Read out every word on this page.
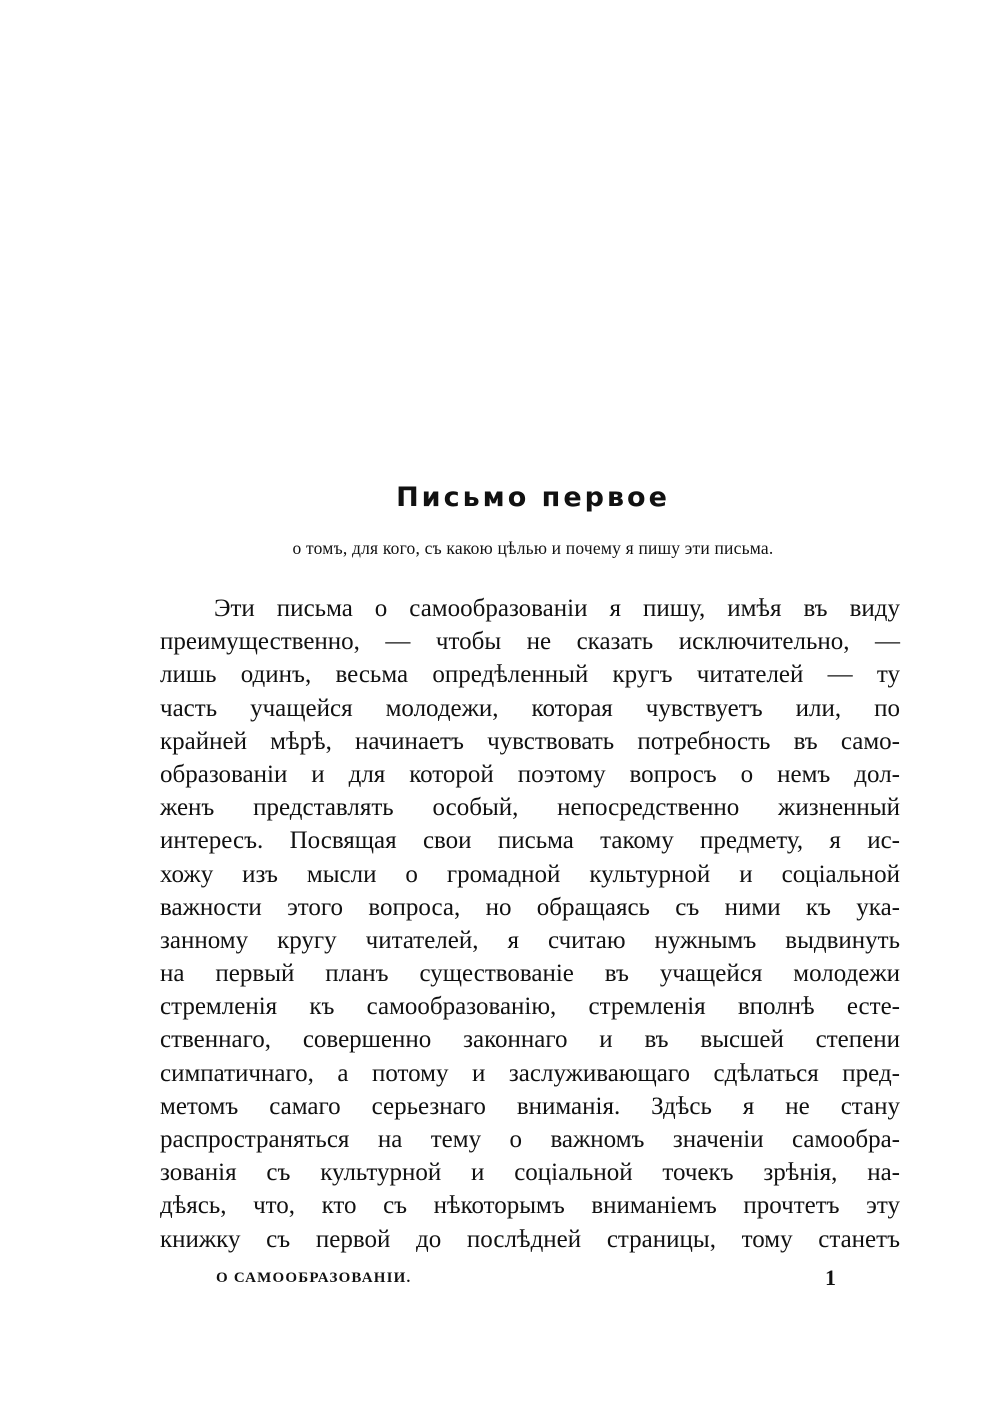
Письмо первое
о томъ, для кого, съ какою цѣлью и почему я пишу эти письма.
Эти письма о самообразованіи я пишу, имѣя въ виду
преимущественно, — чтобы не сказать исключительно, —
лишь одинъ, весьма опредѣленный кругъ читателей — ту
часть учащейся молодежи, которая чувствуетъ или, по
крайней мѣрѣ, начинаетъ чувствовать потребность въ само-
образованіи и для которой поэтому вопросъ о немъ дол-
женъ представлять особый, непосредственно жизненный
интересъ. Посвящая свои письма такому предмету, я ис-
хожу изъ мысли о громадной культурной и соціальной
важности этого вопроса, но обращаясь съ ними къ ука-
занному кругу читателей, я считаю нужнымъ выдвинуть
на первый планъ существованіе въ учащейся молодежи
стремленія къ самообразованію, стремленія вполнѣ есте-
ственнаго, совершенно законнаго и въ высшей степени
симпатичнаго, а потому и заслуживающаго сдѣлаться пред-
метомъ самаго серьезнаго вниманія. Здѣсь я не стану
распространяться на тему о важномъ значеніи самообра-
зованія съ культурной и соціальной точекъ зрѣнія, на-
дѣясь, что, кто съ нѣкоторымъ вниманіемъ прочтетъ эту
книжку съ первой до послѣдней страницы, тому станетъ
О САМООБРАЗОВАНІИ.	1
